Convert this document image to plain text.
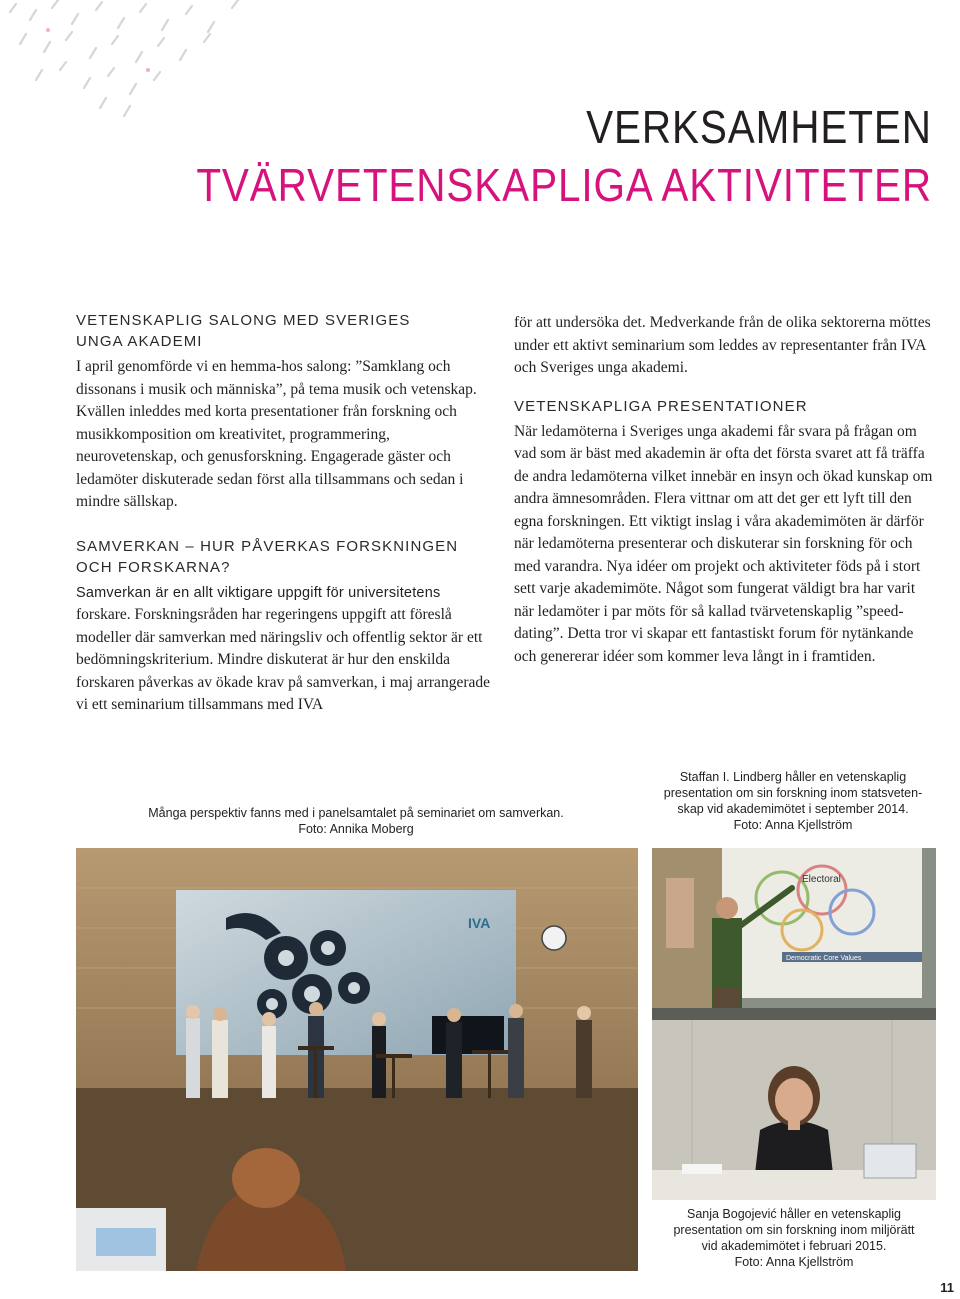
VERKSAMHETEN
TVÄRVETENSKAPLIGA AKTIVITETER
VETENSKAPLIG SALONG MED SVERIGES
UNGA AKADEMI

I april genomförde vi en hemma-hos salong: ”Samklang och dissonans i musik och människa”, på tema musik och vetenskap. Kvällen inleddes med korta presentationer från forskning och musikkomposition om kreativitet, programmering, neurovetenskap, och genusforskning. Engagerade gäster och ledamöter diskuterade sedan först alla tillsammans och sedan i mindre sällskap.

SAMVERKAN – HUR PÅVERKAS FORSKNINGEN
OCH FORSKARNA?

Samverkan är en allt viktigare uppgift för universitetens

forskare. Forskningsråden har regeringens uppgift att föreslå modeller där samverkan med näringsliv och offentlig sektor är ett bedömningskriterium. Mindre diskuterat är hur den enskilda forskaren påverkas av ökade krav på samverkan, i maj arrangerade vi ett seminarium tillsammans med IVA

för att undersöka det. Medverkande från de olika sektorerna möttes under ett aktivt seminarium som leddes av representanter från IVA och Sveriges unga akademi.

VETENSKAPLIGA PRESENTATIONER

När ledamöterna i Sveriges unga akademi får svara på frågan om vad som är bäst med akademin är ofta det första svaret att få träffa de andra ledamöterna vilket innebär en insyn och ökad kunskap om andra ämnesområden. Flera vittnar om att det ger ett lyft till den egna forskningen. Ett viktigt inslag i våra akademimöten är därför när ledamöterna presenterar och diskuterar sin forskning för och med varandra. Nya idéer om projekt och aktiviteter föds på i stort sett varje akademimöte. Något som fungerat väldigt bra har varit när ledamöter i par möts för så kallad tvärvetenskaplig ”speed-dating”. Detta tror vi skapar ett fantastiskt forum för nytänkande och genererar idéer som kommer leva långt in i framtiden.

Många perspektiv fanns med i panelsamtalet på seminariet om samverkan.
Foto: Annika Moberg
Staffan I. Lindberg håller en vetenskaplig
presentation om sin forskning inom statsveten-
skap vid akademimötet i september 2014.
Foto: Anna Kjellström
IVA
Electoral
Democratic Core Values
Sanja Bogojević håller en vetenskaplig
presentation om sin forskning inom miljörätt
vid akademimötet i februari 2015.
Foto: Anna Kjellström
11
